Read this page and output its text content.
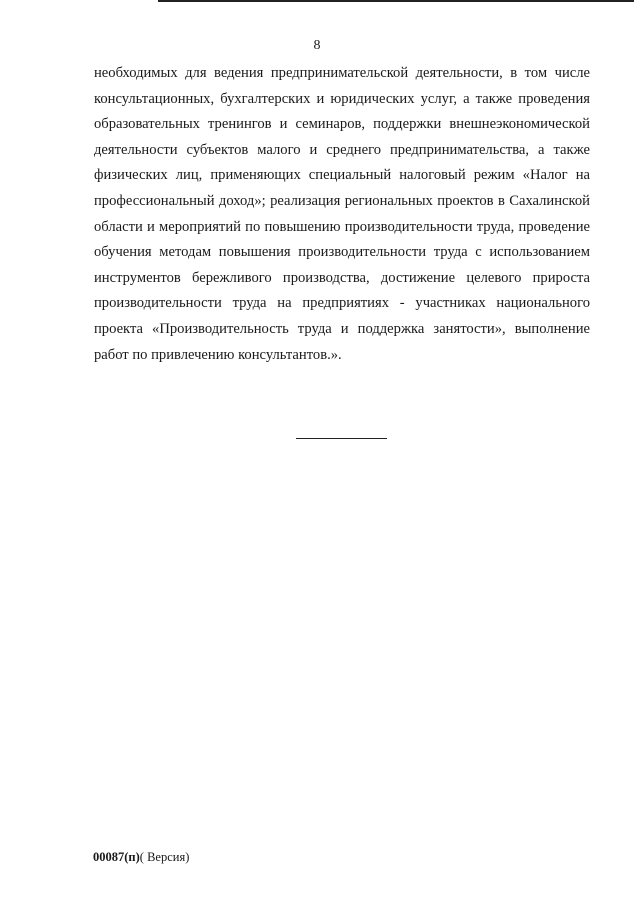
8
необходимых для ведения предпринимательской деятельности, в том числе
консультационных, бухгалтерских и юридических услуг, а также проведения
образовательных тренингов и семинаров, поддержки внешнеэкономической
деятельности субъектов малого и среднего предпринимательства, а также
физических лиц, применяющих специальный налоговый режим «Налог на
профессиональный доход»; реализация региональных проектов в Сахалинской
области и мероприятий по повышению производительности труда, проведение
обучения методам повышения производительности труда с использованием
инструментов бережливого производства, достижение целевого прироста
производительности труда на предприятиях - участниках национального
проекта «Производительность труда и поддержка занятости», выполнение
работ по привлечению консультантов.».
00087(п)( Версия)
